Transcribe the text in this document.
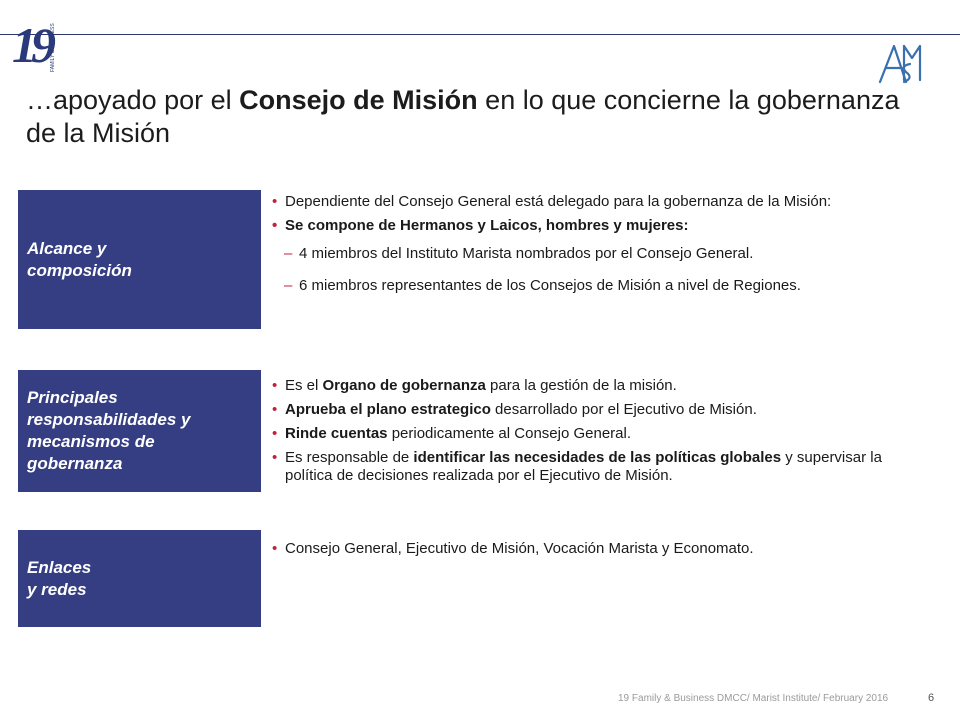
19 FAMILY & BUSINESS
…apoyado por el Consejo de Misión en lo que concierne la gobernanza de la Misión
Alcance y
composición
• Dependiente del Consejo General está delegado para la gobernanza de la Misión:
• Se compone de Hermanos y Laicos, hombres y mujeres:
– 4 miembros del Instituto Marista nombrados por el Consejo General.
– 6 miembros representantes de los Consejos de Misión a nivel de Regiones.
Principales
responsabilidades y
mecanismos de
gobernanza
• Es el Organo de gobernanza para la gestión de la misión.
• Aprueba el plano estrategico desarrollado por el Ejecutivo de Misión.
• Rinde cuentas periodicamente al Consejo General.
• Es responsable de identificar las necesidades de las políticas globales y supervisar la política de decisiones realizada por el Ejecutivo de Misión.
Enlaces
y redes
• Consejo General, Ejecutivo de Misión, Vocación Marista y Economato.
19 Family & Business DMCC/ Marist Institute/ February 2016	6
